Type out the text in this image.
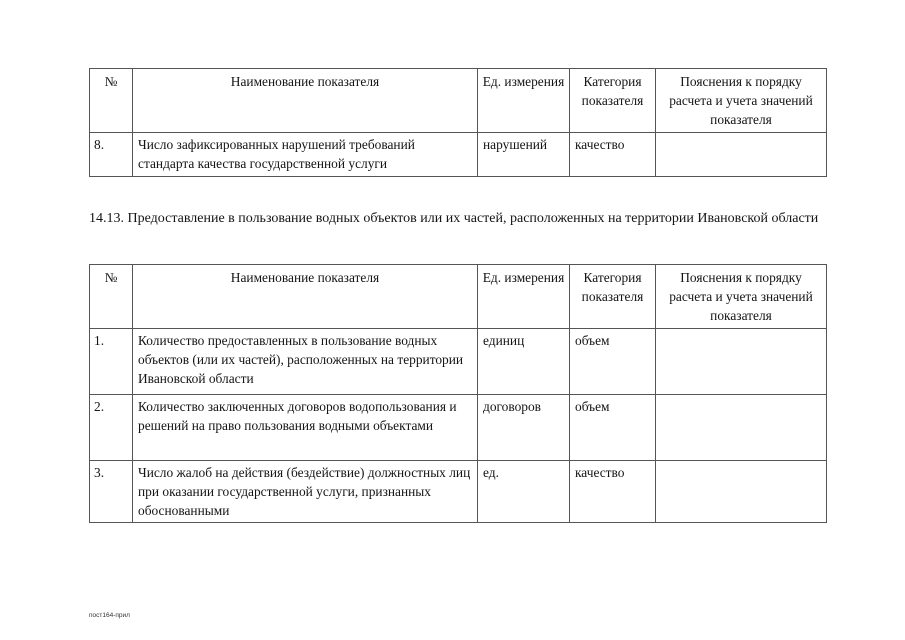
№	Наименование показателя	Ед. измерения	Категория показателя	Пояснения к порядку расчета и учета значений показателя
8.	Число зафиксированных нарушений требований стандарта качества государственной услуги	нарушений	качество	
14.13. Предоставление в пользование водных объектов или их частей, расположенных на территории Ивановской области
№	Наименование показателя	Ед. измерения	Категория показателя	Пояснения к порядку расчета и учета значений показателя
1.	Количество предоставленных в пользование водных объектов (или их частей), расположенных на территории Ивановской области	единиц	объем	
2.	Количество заключенных договоров водопользования и решений на право пользования водными объектами	договоров	объем	
3.	Число жалоб на действия (бездействие) должностных лиц при оказании государственной услуги, признанных обоснованными	ед.	качество	
пост164-прил
